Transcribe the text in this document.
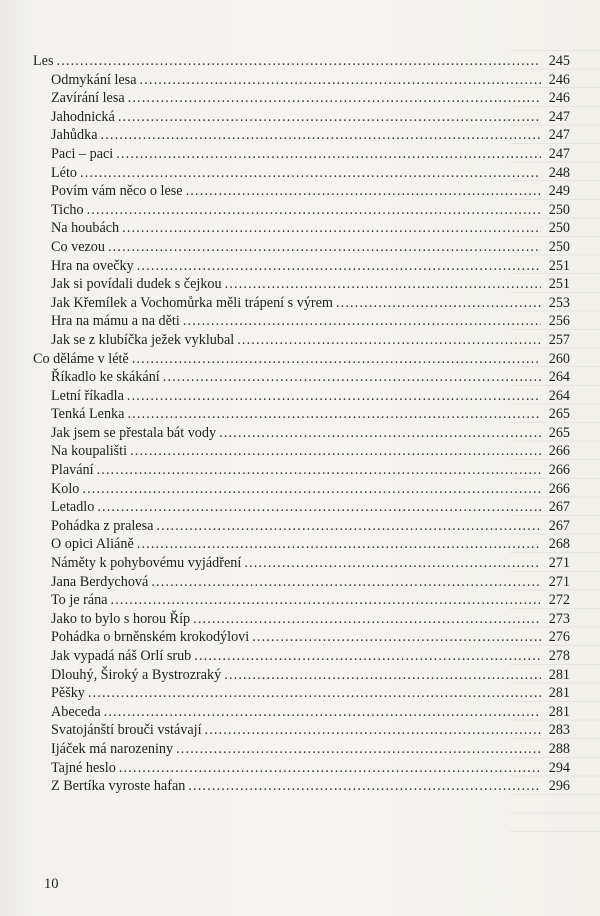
Les . . .	245
Odmykání lesa . . .	246
Zavírání lesa . . .	246
Jahodnická . . .	247
Jahůdka . . .	247
Paci – paci . . .	247
Léto . . .	248
Povím vám něco o lese . . .	249
Ticho . . .	250
Na houbách . . .	250
Co vezou . . .	250
Hra na ovečky . . .	251
Jak si povídali dudek s čejkou . . .	251
Jak Křemílek a Vochomůrka měli trápení s výrem . . .	253
Hra na mámu a na děti . . .	256
Jak se z klubíčka ježek vyklubal . . .	257
Co děláme v létě . . .	260
Říkadlo ke skákání . . .	264
Letní říkadla . . .	264
Tenká Lenka . . .	265
Jak jsem se přestala bát vody . . .	265
Na koupališti . . .	266
Plavání . . .	266
Kolo . . .	266
Letadlo . . .	267
Pohádka z pralesa . . .	267
O opici Aliáně . . .	268
Náměty k pohybovému vyjádření . . .	271
Jana Berdychová . . .	271
To je rána . . .	272
Jako to bylo s horou Říp . . .	273
Pohádka o brněnském krokodýlovi . . .	276
Jak vypadá náš Orlí srub . . .	278
Dlouhý, Široký a Bystrozraký . . .	281
Pěšky . . .	281
Abeceda . . .	281
Svatojánští brouči vstávají . . .	283
Ijáček má narozeniny . . .	288
Tajné heslo . . .	294
Z Bertíka vyroste hafan . . .	296
10
